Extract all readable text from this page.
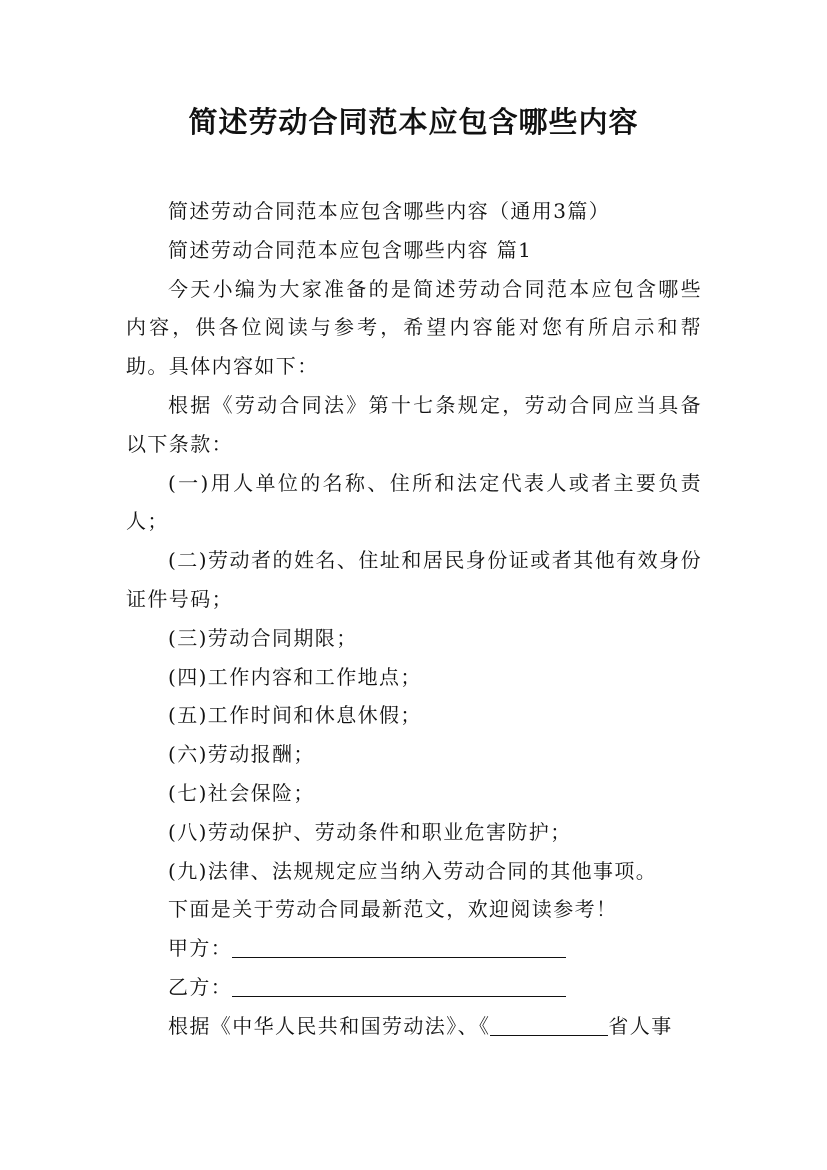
简述劳动合同范本应包含哪些内容

简述劳动合同范本应包含哪些内容（通用3篇）

简述劳动合同范本应包含哪些内容 篇1

今天小编为大家准备的是简述劳动合同范本应包含哪些内容，供各位阅读与参考，希望内容能对您有所启示和帮助。具体内容如下：

根据《劳动合同法》第十七条规定，劳动合同应当具备以下条款：

(一)用人单位的名称、住所和法定代表人或者主要负责人；

(二)劳动者的姓名、住址和居民身份证或者其他有效身份证件号码；

(三)劳动合同期限；

(四)工作内容和工作地点；

(五)工作时间和休息休假；

(六)劳动报酬；

(七)社会保险；

(八)劳动保护、劳动条件和职业危害防护；

(九)法律、法规规定应当纳入劳动合同的其他事项。

下面是关于劳动合同最新范文，欢迎阅读参考！

甲方：

乙方：

根据《中华人民共和国劳动法》、《	省人事
